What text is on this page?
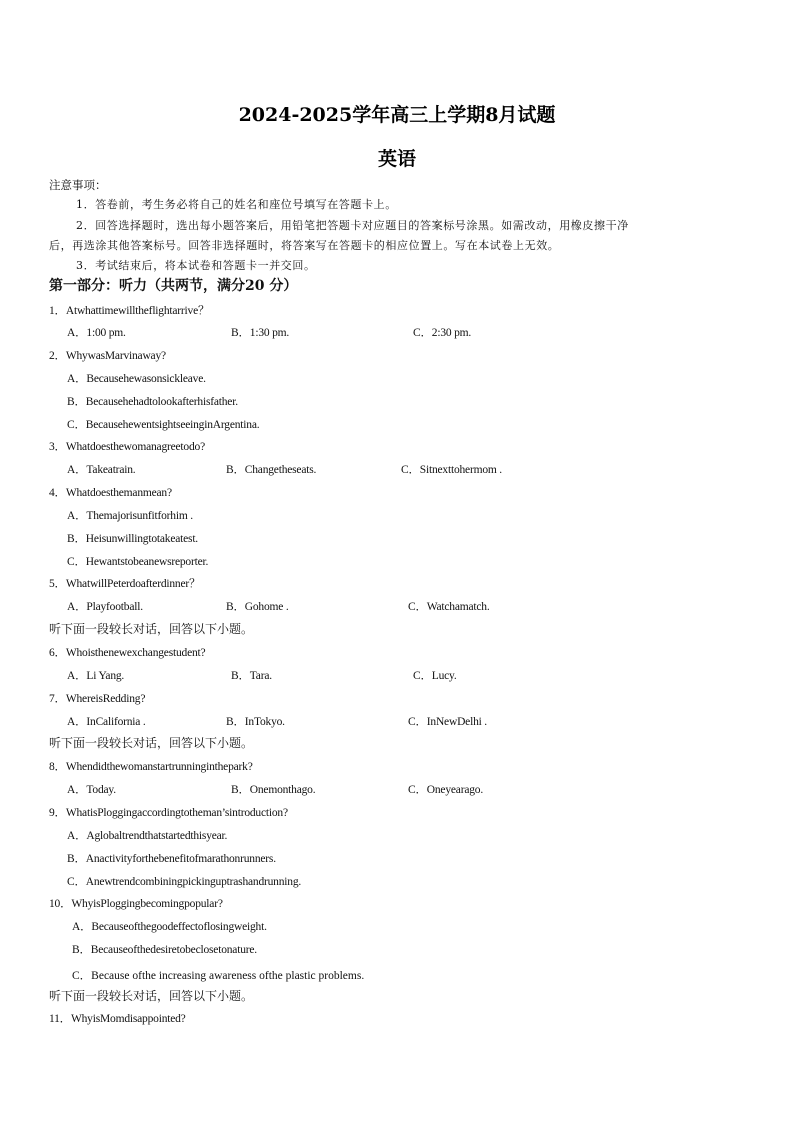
2024-2025学年高三上学期8月试题
英语
注意事项：
1．答卷前，考生务必将自己的姓名和座位号填写在答题卡上。
2．回答选择题时，选出每小题答案后，用铅笔把答题卡对应题目的答案标号涂黑。如需改动，用橡皮擦干净
后，再选涂其他答案标号。回答非选择题时，将答案写在答题卡的相应位置上。写在本试卷上无效。
3．考试结束后，将本试卷和答题卡一并交回。
第一部分：听力（共两节，满分20 分）
1．Atwhattimewilltheflightarrive？
A．1:00 pm.	B．1:30 pm.	C．2:30 pm.
2．WhywasMarvinaway?
A．Becausehewasonsickleave.
B．Becausehehadtolookafterhisfather.
C．BecausehewentsightseeinginArgentina.
3．Whatdoesthewomanagreetodo?
A．Takeatrain.	B．Changetheseats.	C．Sitnexttohermom .
4．Whatdoesthemanmean?
A．Themajorisunfitforhim .
B．Heisunwillingtotakeatest.
C．Hewantstobeanewsreporter.
5．WhatwillPeterdoafterdinner？
A．Playfootball.	B．Gohome .	C．Watchamatch.
听下面一段较长对话，回答以下小题。
6．Whoisthenewexchangestudent?
A．Li Yang.	B．Tara.	C．Lucy.
7．WhereisRedding?
A．InCalifornia .	B．InTokyo.	C．InNewDelhi .
听下面一段较长对话，回答以下小题。
8．Whendidthewomanstartrunninginthepark?
A．Today.	B．Onemonthago.	C．Oneyearago.
9．WhatisPloggingaccordingtotheman’sintroduction?
A．Aglobaltrendthatstartedthisyear.
B．Anactivityforthebenefitofmarathonrunners.
C．Anewtrendcombiningpickinguptrashandrunning.
10．WhyisPloggingbecomingpopular?
A．Becauseofthegoodeffectoflosingweight.
B．Becauseofthedesiretobeclosetonature.
C．Because ofthe increasing awareness ofthe plastic problems.
听下面一段较长对话，回答以下小题。
11．WhyisMomdisappointed?
